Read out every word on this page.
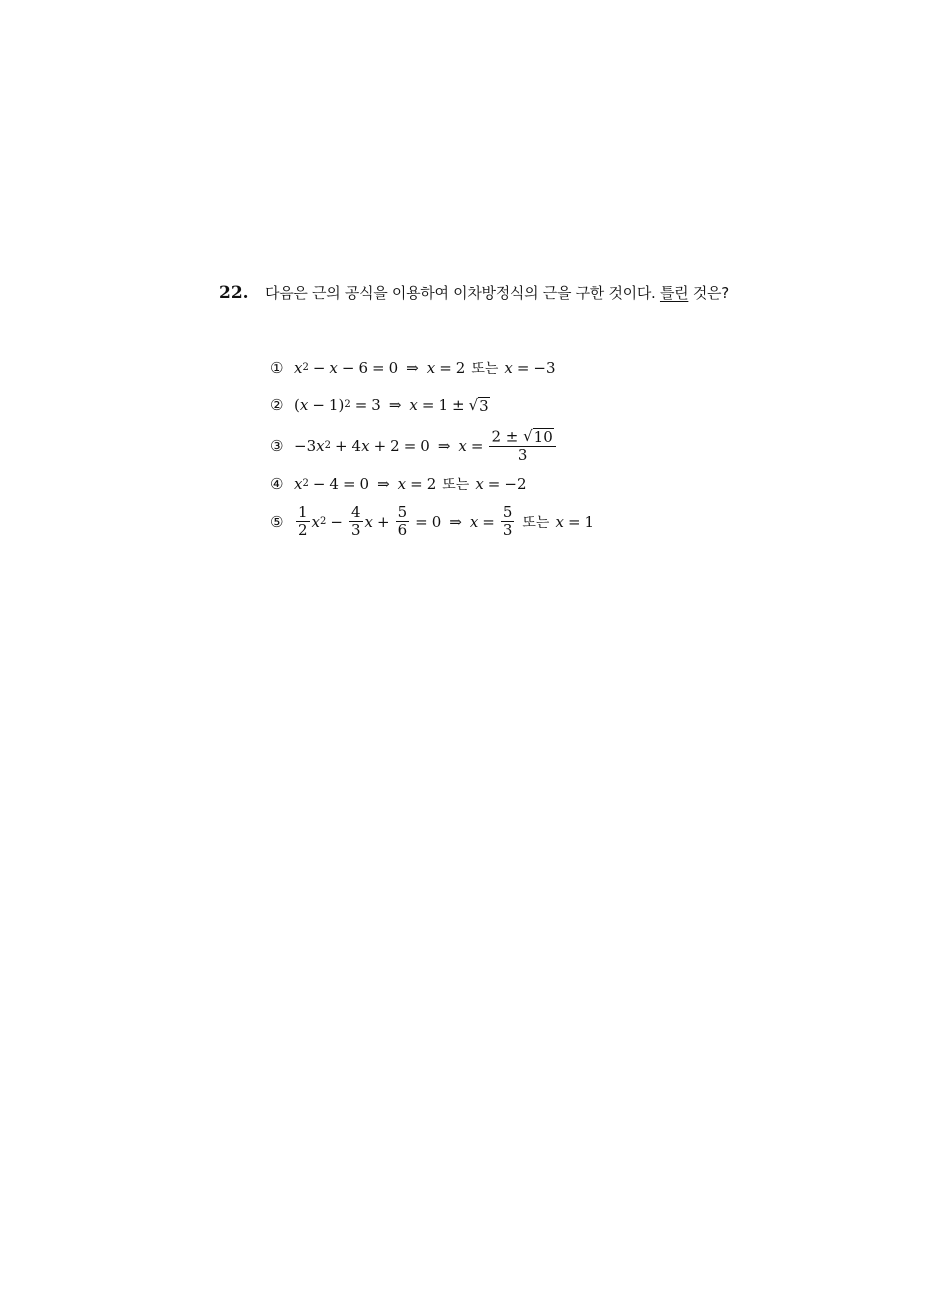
22.	다음은 근의 공식을 이용하여 이차방정식의 근을 구한 것이다. 틀린 것은?
① x 2 − x − 6 = 0 ⇒ x = 2 또는 x = −3
② ( x − 1) 2 = 3 ⇒ x = 1 ± √ 3
③ −3 x 2 + 4 x + 2 = 0 ⇒ $x = \frac{2 \pm √ 10}{3}$
④ x 2 − 4 = 0 ⇒ x = 2 또는 x = −2
⑤ $\frac{1}{2}$ x $2 - \frac{4}{3}$ $x + \frac{5}{6} = 0$ ⇒ $x = \frac{5}{3}$ 또는 x = 1
